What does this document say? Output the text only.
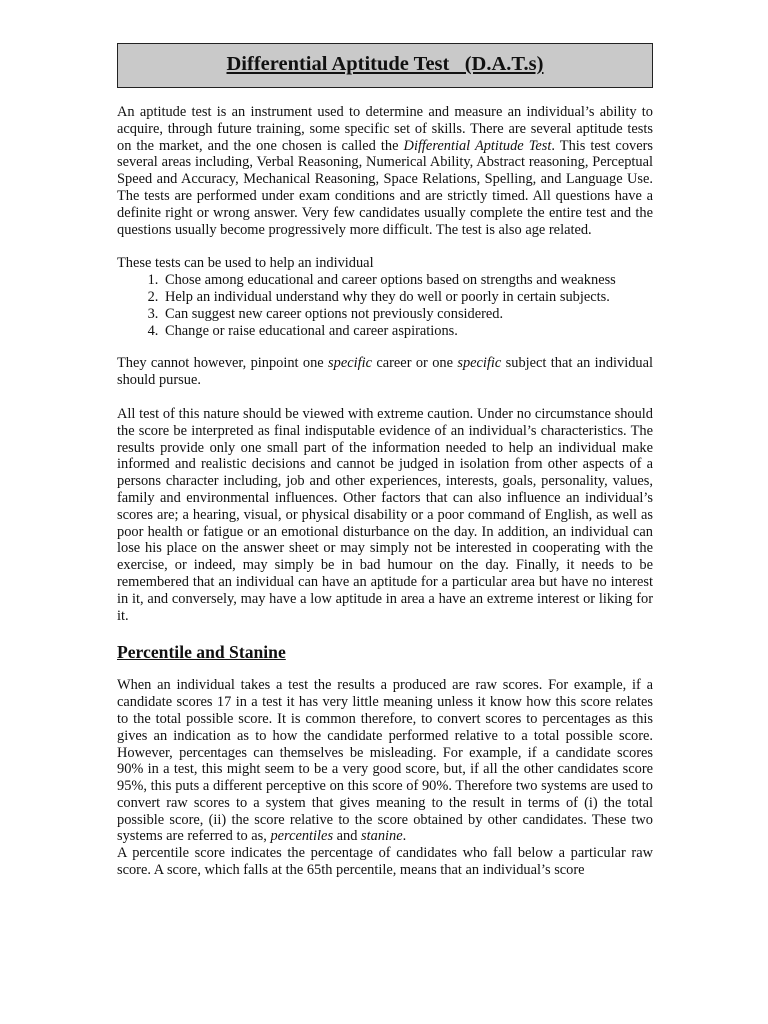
Differential Aptitude Test   (D.A.T.s)

An aptitude test is an instrument used to determine and measure an individual’s ability to acquire, through future training, some specific set of skills. There are several aptitude tests on the market, and the one chosen is called the Differential Aptitude Test. This test covers several areas including, Verbal Reasoning, Numerical Ability, Abstract reasoning, Perceptual Speed and Accuracy, Mechanical Reasoning, Space Relations, Spelling, and Language Use. The tests are performed under exam conditions and are strictly timed. All questions have a definite right or wrong answer. Very few candidates usually complete the entire test and the questions usually become progressively more difficult. The test is also age related.

These tests can be used to help an individual

1. Chose among educational and career options based on strengths and weakness
2. Help an individual understand why they do well or poorly in certain subjects.
3. Can suggest new career options not previously considered.
4. Change or raise educational and career aspirations.

They cannot however, pinpoint one specific career or one specific subject that an individual should pursue.

All test of this nature should be viewed with extreme caution. Under no circumstance should the score be interpreted as final indisputable evidence of an individual’s characteristics. The results provide only one small part of the information needed to help an individual make informed and realistic decisions and cannot be judged in isolation from other aspects of a persons character including, job and other experiences, interests, goals, personality, values, family and environmental influences. Other factors that can also influence an individual’s scores are; a hearing, visual, or physical disability or a poor command of English, as well as poor health or fatigue or an emotional disturbance on the day. In addition, an individual can lose his place on the answer sheet or may simply not be interested in cooperating with the exercise, or indeed, may simply be in bad humour on the day. Finally, it needs to be remembered that an individual can have an aptitude for a particular area but have no interest in it, and conversely, may have a low aptitude in area a have an extreme interest or liking for it.

Percentile and Stanine

When an individual takes a test the results a produced are raw scores. For example, if a candidate scores 17 in a test it has very little meaning unless it know how this score relates to the total possible score. It is common therefore, to convert scores to percentages as this gives an indication as to how the candidate performed relative to a total possible score. However, percentages can themselves be misleading. For example, if a candidate scores 90% in a test, this might seem to be a very good score, but, if all the other candidates score 95%, this puts a different perceptive on this score of 90%. Therefore two systems are used to convert raw scores to a system that gives meaning to the result in terms of (i) the total possible score, (ii) the score relative to the score obtained by other candidates. These two systems are referred to as, percentiles and stanine.

A percentile score indicates the percentage of candidates who fall below a particular raw score. A score, which falls at the 65th percentile, means that an individual’s score
